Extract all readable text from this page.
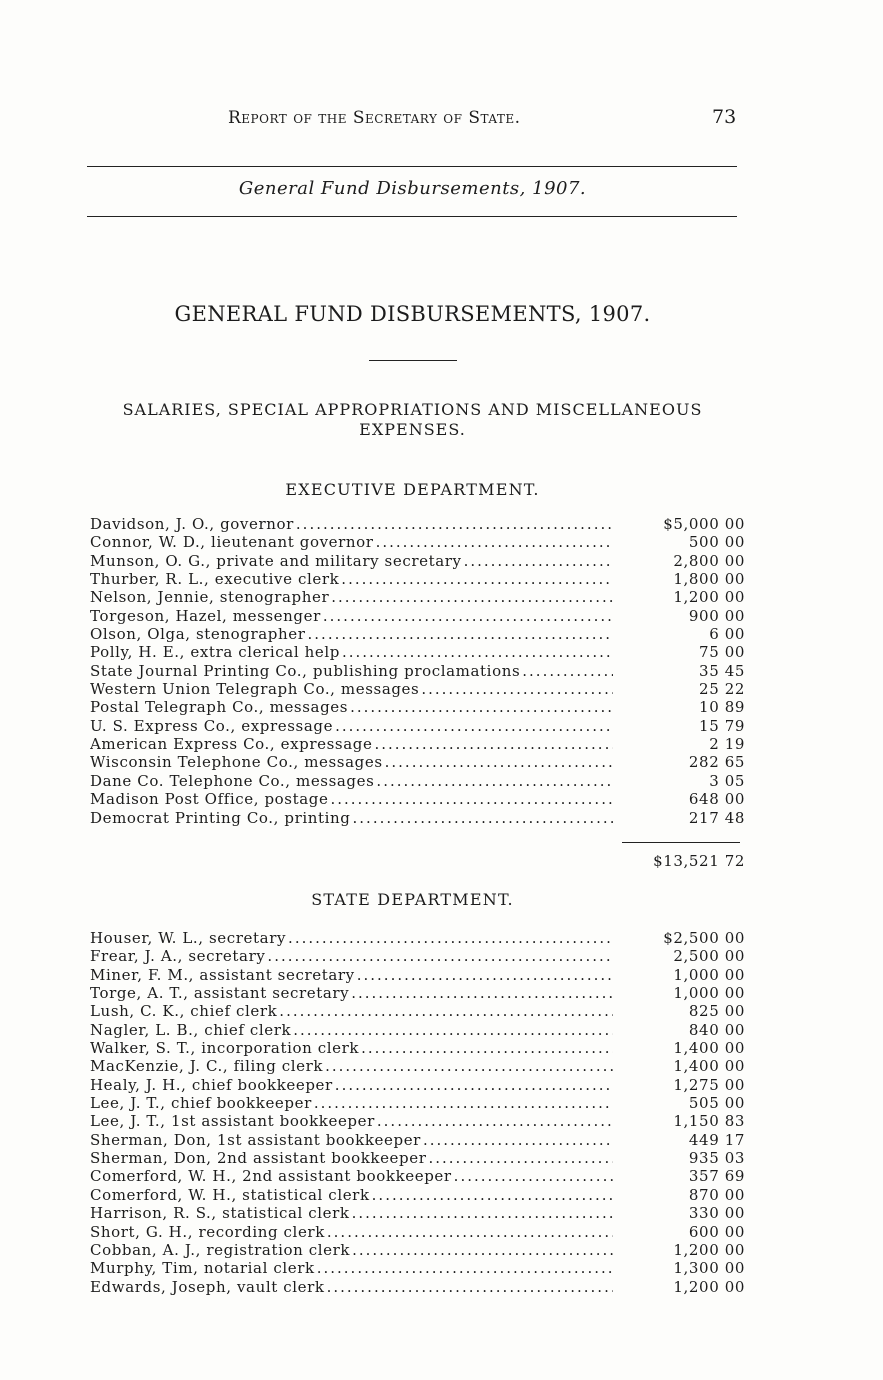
Report of the Secretary of State.	73
General Fund Disbursements, 1907.
GENERAL FUND DISBURSEMENTS, 1907.
SALARIES, SPECIAL APPROPRIATIONS AND MISCELLANEOUS
EXPENSES.
EXECUTIVE DEPARTMENT.
Davidson, J. O., governor .....	$5,000 00
Connor, W. D., lieutenant governor .....	500 00
Munson, O. G., private and military secretary .....	2,800 00
Thurber, R. L., executive clerk .....	1,800 00
Nelson, Jennie, stenographer .....	1,200 00
Torgeson, Hazel, messenger .....	900 00
Olson, Olga, stenographer .....	6 00
Polly, H. E., extra clerical help .....	75 00
State Journal Printing Co., publishing proclamations .....	35 45
Western Union Telegraph Co., messages .....	25 22
Postal Telegraph Co., messages .....	10 89
U. S. Express Co., expressage .....	15 79
American Express Co., expressage .....	2 19
Wisconsin Telephone Co., messages .....	282 65
Dane Co. Telephone Co., messages .....	3 05
Madison Post Office, postage .....	648 00
Democrat Printing Co., printing .....	217 48
$13,521 72
STATE DEPARTMENT.
Houser, W. L., secretary .....	$2,500 00
Frear, J. A., secretary .....	2,500 00
Miner, F. M., assistant secretary .....	1,000 00
Torge, A. T., assistant secretary .....	1,000 00
Lush, C. K., chief clerk .....	825 00
Nagler, L. B., chief clerk .....	840 00
Walker, S. T., incorporation clerk .....	1,400 00
MacKenzie, J. C., filing clerk .....	1,400 00
Healy, J. H., chief bookkeeper .....	1,275 00
Lee, J. T., chief bookkeeper .....	505 00
Lee, J. T., 1st assistant bookkeeper .....	1,150 83
Sherman, Don, 1st assistant bookkeeper .....	449 17
Sherman, Don, 2nd assistant bookkeeper .....	935 03
Comerford, W. H., 2nd assistant bookkeeper .....	357 69
Comerford, W. H., statistical clerk .....	870 00
Harrison, R. S., statistical clerk .....	330 00
Short, G. H., recording clerk .....	600 00
Cobban, A. J., registration clerk .....	1,200 00
Murphy, Tim, notarial clerk .....	1,300 00
Edwards, Joseph, vault clerk .....	1,200 00
